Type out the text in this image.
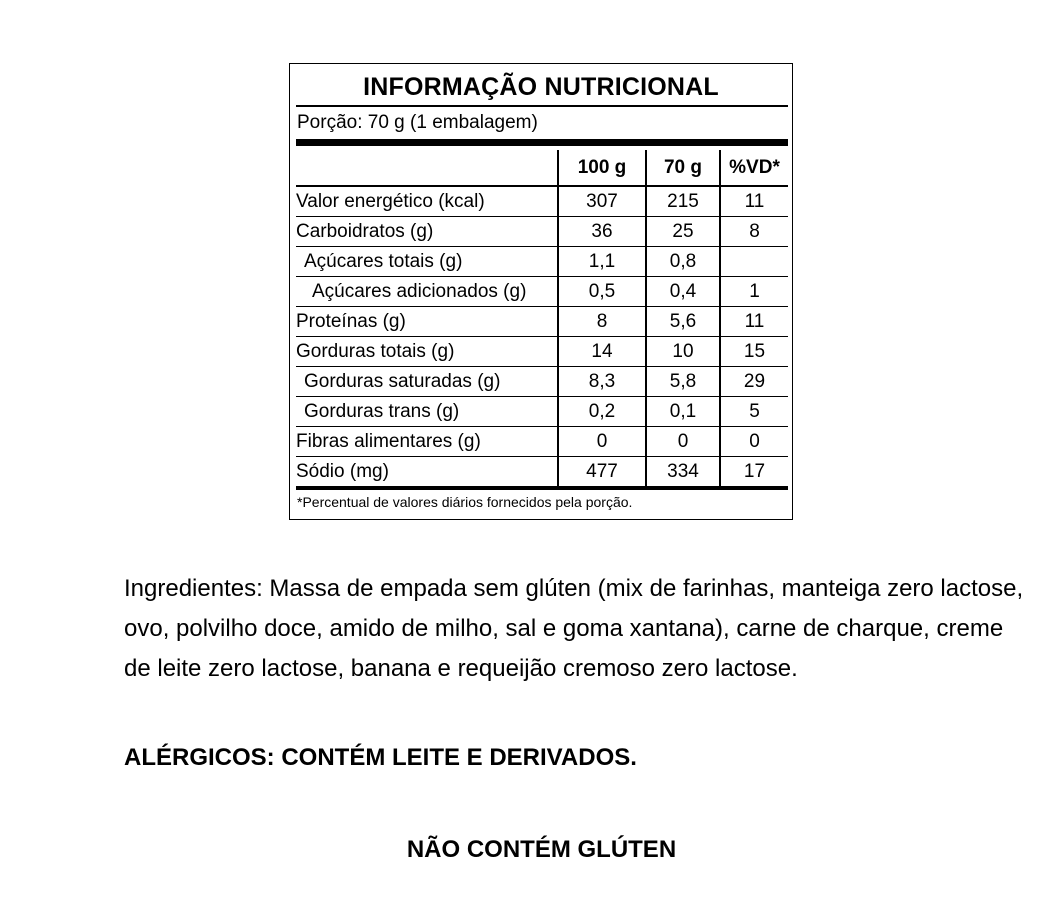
INFORMAÇÃO NUTRICIONAL
Porção: 70 g (1 embalagem)
	100 g	70 g	%VD*
Valor energético (kcal)	307	215	11
Carboidratos (g)	36	25	8
Açúcares totais (g)	1,1	0,8	
Açúcares adicionados (g)	0,5	0,4	1
Proteínas (g)	8	5,6	11
Gorduras totais (g)	14	10	15
Gorduras saturadas (g)	8,3	5,8	29
Gorduras trans (g)	0,2	0,1	5
Fibras alimentares (g)	0	0	0
Sódio (mg)	477	334	17
*Percentual de valores diários fornecidos pela porção.
Ingredientes: Massa de empada sem glúten (mix de farinhas, manteiga zero lactose, ovo, polvilho doce, amido de milho, sal e goma xantana), carne de charque, creme de leite zero lactose, banana e requeijão cremoso zero lactose.
ALÉRGICOS: CONTÉM LEITE E DERIVADOS.
NÃO CONTÉM GLÚTEN
